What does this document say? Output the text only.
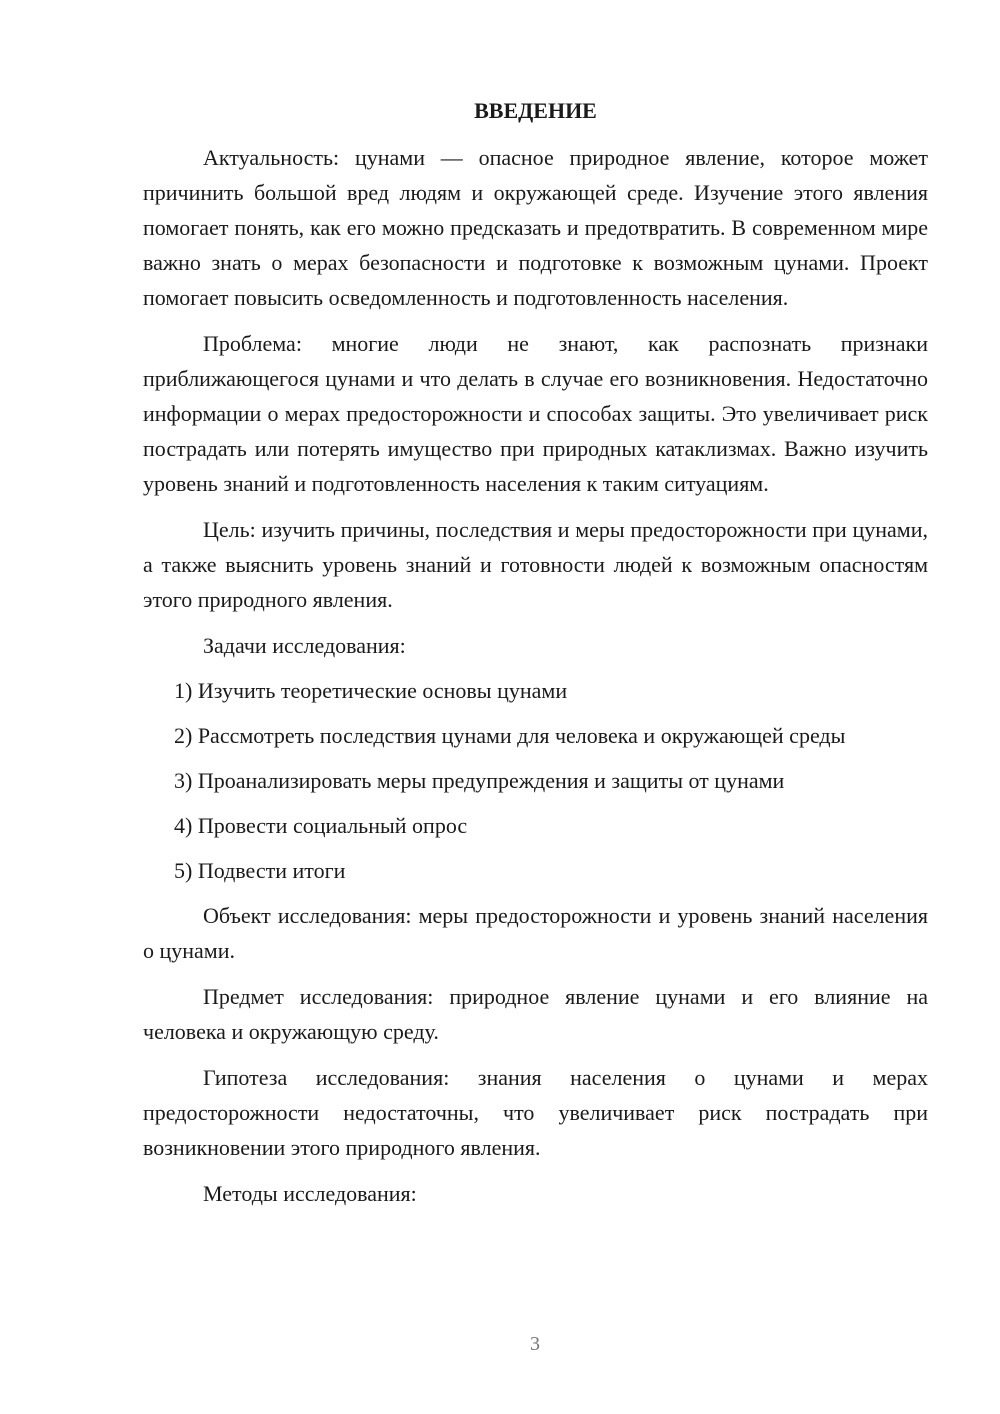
ВВЕДЕНИЕ

Актуальность: цунами — опасное природное явление, которое может причинить большой вред людям и окружающей среде. Изучение этого явления помогает понять, как его можно предсказать и предотвратить. В современном мире важно знать о мерах безопасности и подготовке к возможным цунами. Проект помогает повысить осведомленность и подготовленность населения.

Проблема: многие люди не знают, как распознать признаки приближающегося цунами и что делать в случае его возникновения. Недостаточно информации о мерах предосторожности и способах защиты. Это увеличивает риск пострадать или потерять имущество при природных катаклизмах. Важно изучить уровень знаний и подготовленность населения к таким ситуациям.

Цель: изучить причины, последствия и меры предосторожности при цунами, а также выяснить уровень знаний и готовности людей к возможным опасностям этого природного явления.

Задачи исследования:

1) Изучить теоретические основы цунами

2) Рассмотреть последствия цунами для человека и окружающей среды

3) Проанализировать меры предупреждения и защиты от цунами

4) Провести социальный опрос

5) Подвести итоги

Объект исследования: меры предосторожности и уровень знаний населения о цунами.

Предмет исследования: природное явление цунами и его влияние на человека и окружающую среду.

Гипотеза исследования: знания населения о цунами и мерах предосторожности недостаточны, что увеличивает риск пострадать при возникновении этого природного явления.

Методы исследования:

3
